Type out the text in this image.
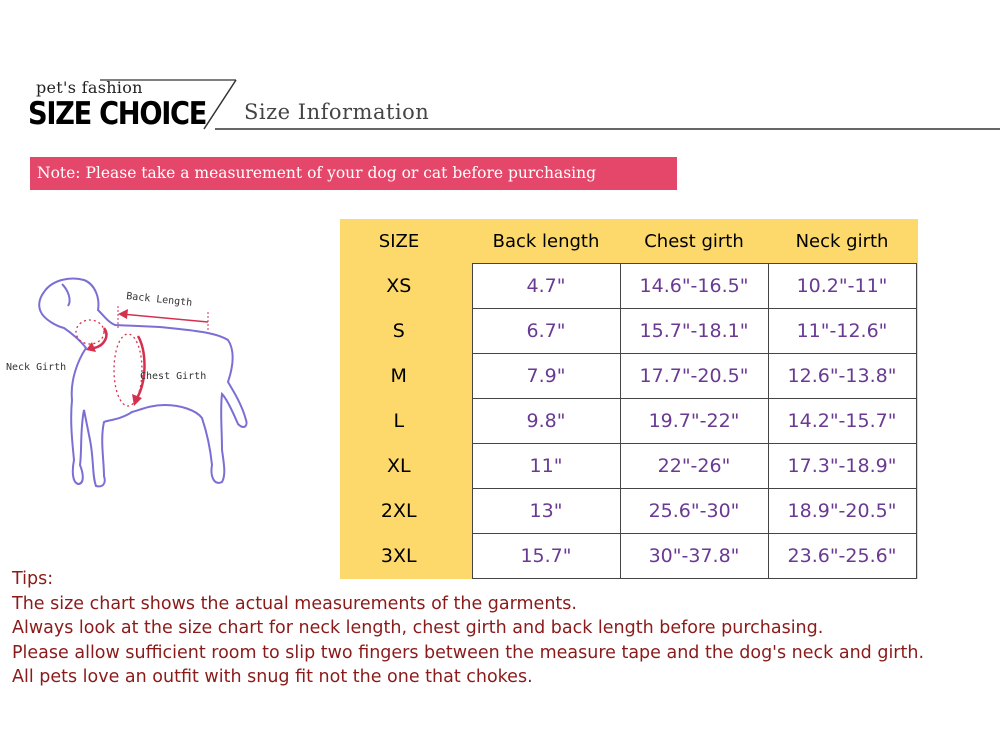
pet's fashion
SIZE CHOICE Size Information
Note: Please take a measurement of your dog or cat before purchasing
Back Length
Neck Girth
Chest Girth
SIZE	Back length	Chest girth	Neck girth
XS	4.7"	14.6"-16.5"	10.2"-11"
S	6.7"	15.7"-18.1"	11"-12.6"
M	7.9"	17.7"-20.5"	12.6"-13.8"
L	9.8"	19.7"-22"	14.2"-15.7"
XL	11"	22"-26"	17.3"-18.9"
2XL	13"	25.6"-30"	18.9"-20.5"
3XL	15.7"	30"-37.8"	23.6"-25.6"
Tips:
The size chart shows the actual measurements of the garments.
Always look at the size chart for neck length, chest girth and back length before purchasing.
Please allow sufficient room to slip two fingers between the measure tape and the dog's neck and girth.
All pets love an outfit with snug fit not the one that chokes.
